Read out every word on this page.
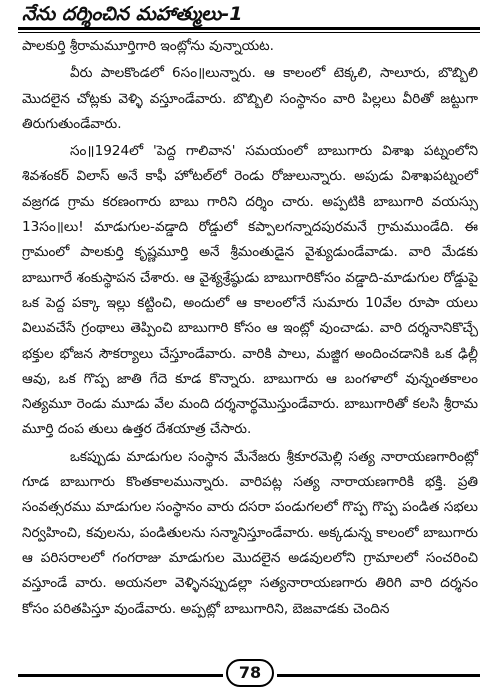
నేను దర్శించిన మహాత్ములు-1

పాలకుర్తి శ్రీరామమూర్తిగారి ఇంట్లోను వున్నాయట.

వీరు పాలకొండలో 6సం॥లున్నారు. ఆ కాలంలో టెక్కలి, సాలూరు, బొబ్బిలి మొదలైన చోట్లకు వెళ్ళి వస్తూండేవారు. బొబ్బిలి సంస్థానం వారి పిల్లలు వీరితో జట్టుగా తిరుగుతుండేవారు.

సం॥1924లో 'పెద్ద గాలివాన' సమయంలో బాబుగారు విశాఖ పట్నంలోని శివశంకర్ విలాస్ అనే కాఫీ హోటల్‌లో రెండు రోజులున్నారు. అపుడు విశాఖపట్నంలో వజ్రగడ గ్రామ కరణంగారు బాబు గారిని దర్శిం చారు. అప్పటికి బాబుగారి వయస్సు 13సం॥లు! మాడుగుల-వడ్డాది రోడ్డులో కప్పాలగన్నాదపురమనే గ్రామముండేది. ఈ గ్రామంలో పాలకుర్తి కృష్ణమూర్తి అనే శ్రీమంతుడైన వైశ్యుడుండేవాడు. వారి మేడకు బాబుగారే శంకుస్థాపన చేశారు. ఆ వైశ్యశ్రేష్ఠుడు బాబుగారికోసం వడ్డాది-మాడుగుల రోడ్డుపై ఒక పెద్ద పక్కా ఇల్లు కట్టించి, అందులో ఆ కాలంలోనే సుమారు 10వేల రూపా యలు విలువచేసే గ్రంథాలు తెప్పించి బాబుగారి కోసం ఆ ఇంట్లో వుంచాడు. వారి దర్శనానికొచ్చే భక్తుల భోజన సౌకర్యాలు చేస్తూండేవారు. వారికి పాలు, మజ్జిగ అందించడానికి ఒక ఢిల్లీ ఆవు, ఒక గొప్ప జాతి గేదె కూడ కొన్నారు. బాబుగారు ఆ బంగళాలో వున్నంతకాలం నిత్యమూ రెండు మూడు వేల మంది దర్శనార్థమొస్తుండేవారు. బాబుగారితో కలసి శ్రీరామ మూర్తి దంప తులు ఉత్తర దేశయాత్ర చేసారు.

ఒకప్పుడు మాడుగుల సంస్థాన మేనేజరు శ్రీకూరమెల్లి సత్య నారాయణగారింట్లో గూడ బాబుగారు కొంతకాలమున్నారు. వారిపట్ల సత్య నారాయణగారికి భక్తి. ప్రతి సంవత్సరము మాడుగుల సంస్థానం వారు దసరా పండుగలలో గొప్ప గొప్ప పండిత సభలు నిర్వహించి, కవులను, పండితులను సన్మానిస్తూండేవారు. అక్కడున్న కాలంలో బాబుగారు ఆ పరిసరాలలో గంగరాజు మాడుగుల మొదలైన అడవులలోని గ్రామాలలో సంచరించి వస్తూండే వారు. అయనలా వెళ్ళినప్పుడల్లా సత్యనారాయణగారు తిరిగి వారి దర్శనం కోసం పరితపిస్తూ వుండేవారు. అప్పట్లో బాబుగారిని, బెజవాడకు చెందిన

78
